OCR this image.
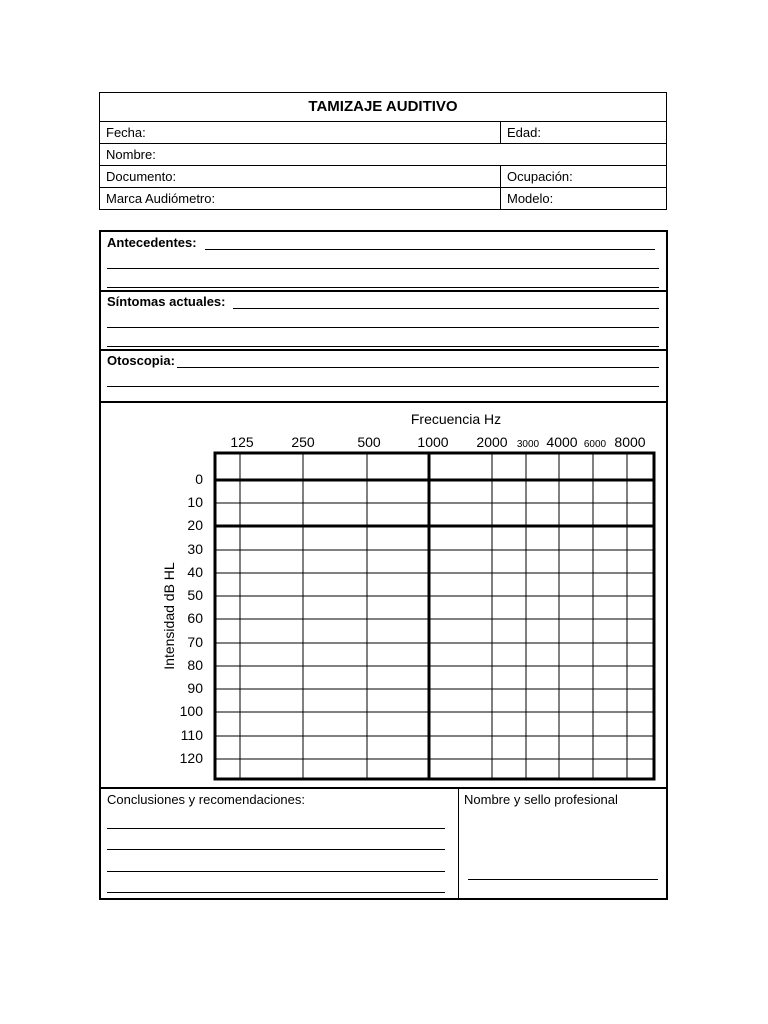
TAMIZAJE AUDITIVO
Fecha:	Edad:
Nombre:
Documento:	Ocupación:
Marca Audiómetro:	Modelo:
Antecedentes:
Síntomas actuales:
Otoscopia:
Frecuencia Hz
Intensidad dB HL
125	250	500	1000 2000 3000 4000 6000 8000
0
10
20
30
40
50
60
70
80
90
100
110
120
Conclusiones y recomendaciones:	Nombre y sello profesional
